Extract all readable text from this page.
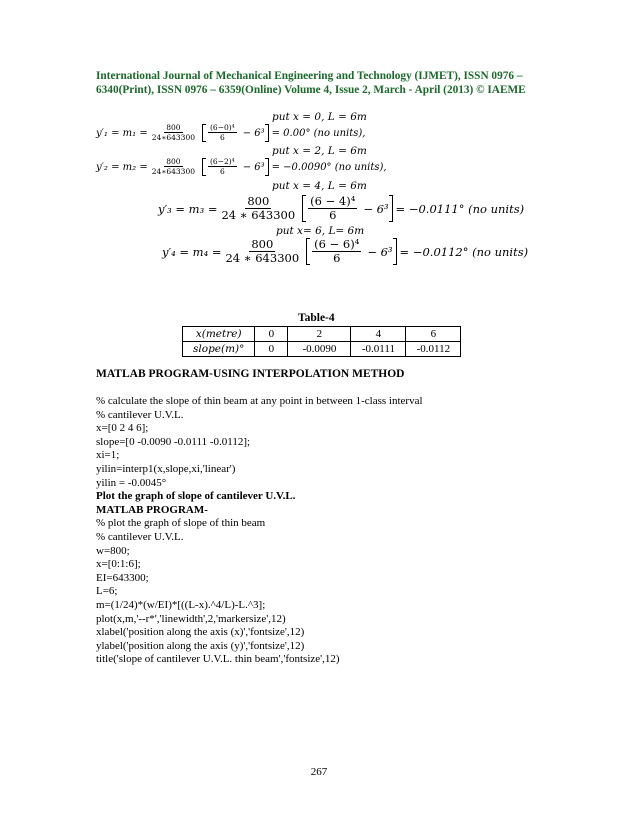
International Journal of Mechanical Engineering and Technology (IJMET), ISSN 0976 –
6340(Print), ISSN 0976 – 6359(Online) Volume 4, Issue 2, March - April (2013) © IAEME
put x = 0, L = 6m
$y'_1 = m_1 = \frac{800}{24∗643300} \frac{\text{(6−0)⁴}}{6} - 6^3 = 0.00^\circ$ (no units),
put x = 2, L = 6m
$y'_2 = m_2 = \frac{800}{24∗643300} \frac{\text{(6−2)⁴}}{6} - 6^3 = -0.0090^\circ$ (no units),
put x = 4, L = 6m
$y'_3 = m_3 = \frac{800}{24 ∗ 643300} \frac{\text{(6 − 4)⁴}}{6} - 6^3 = -0.0111^\circ$ (no units)
put x= 6, L= 6m
$y'_4 = m_4 = \frac{800}{24 ∗ 643300} \frac{\text{(6 − 6)⁴}}{6} - 6^3 = -0.0112^\circ$ (no units)
Table-4
x(metre)	0	2	4	6
slope(m)°	0	-0.0090	-0.0111	-0.0112
MATLAB PROGRAM-USING INTERPOLATION METHOD
% calculate the slope of thin beam at any point in between 1-class interval
% cantilever U.V.L.
x=[0 2 4 6];
slope=[0 -0.0090 -0.0111 -0.0112];
xi=1;
yilin=interp1(x,slope,xi,'linear')
yilin = -0.0045°
Plot the graph of slope of cantilever U.V.L.
MATLAB PROGRAM-
% plot the graph of slope of thin beam
% cantilever U.V.L.
w=800;
x=[0:1:6];
EI=643300;
L=6;
m=(1/24)*(w/EI)*[((L-x).^4/L)-L.^3];
plot(x,m,'--r*','linewidth',2,'markersize',12)
xlabel('position along the axis (x)','fontsize',12)
ylabel('position along the axis (y)','fontsize',12)
title('slope of cantilever U.V.L. thin beam','fontsize',12)
267
